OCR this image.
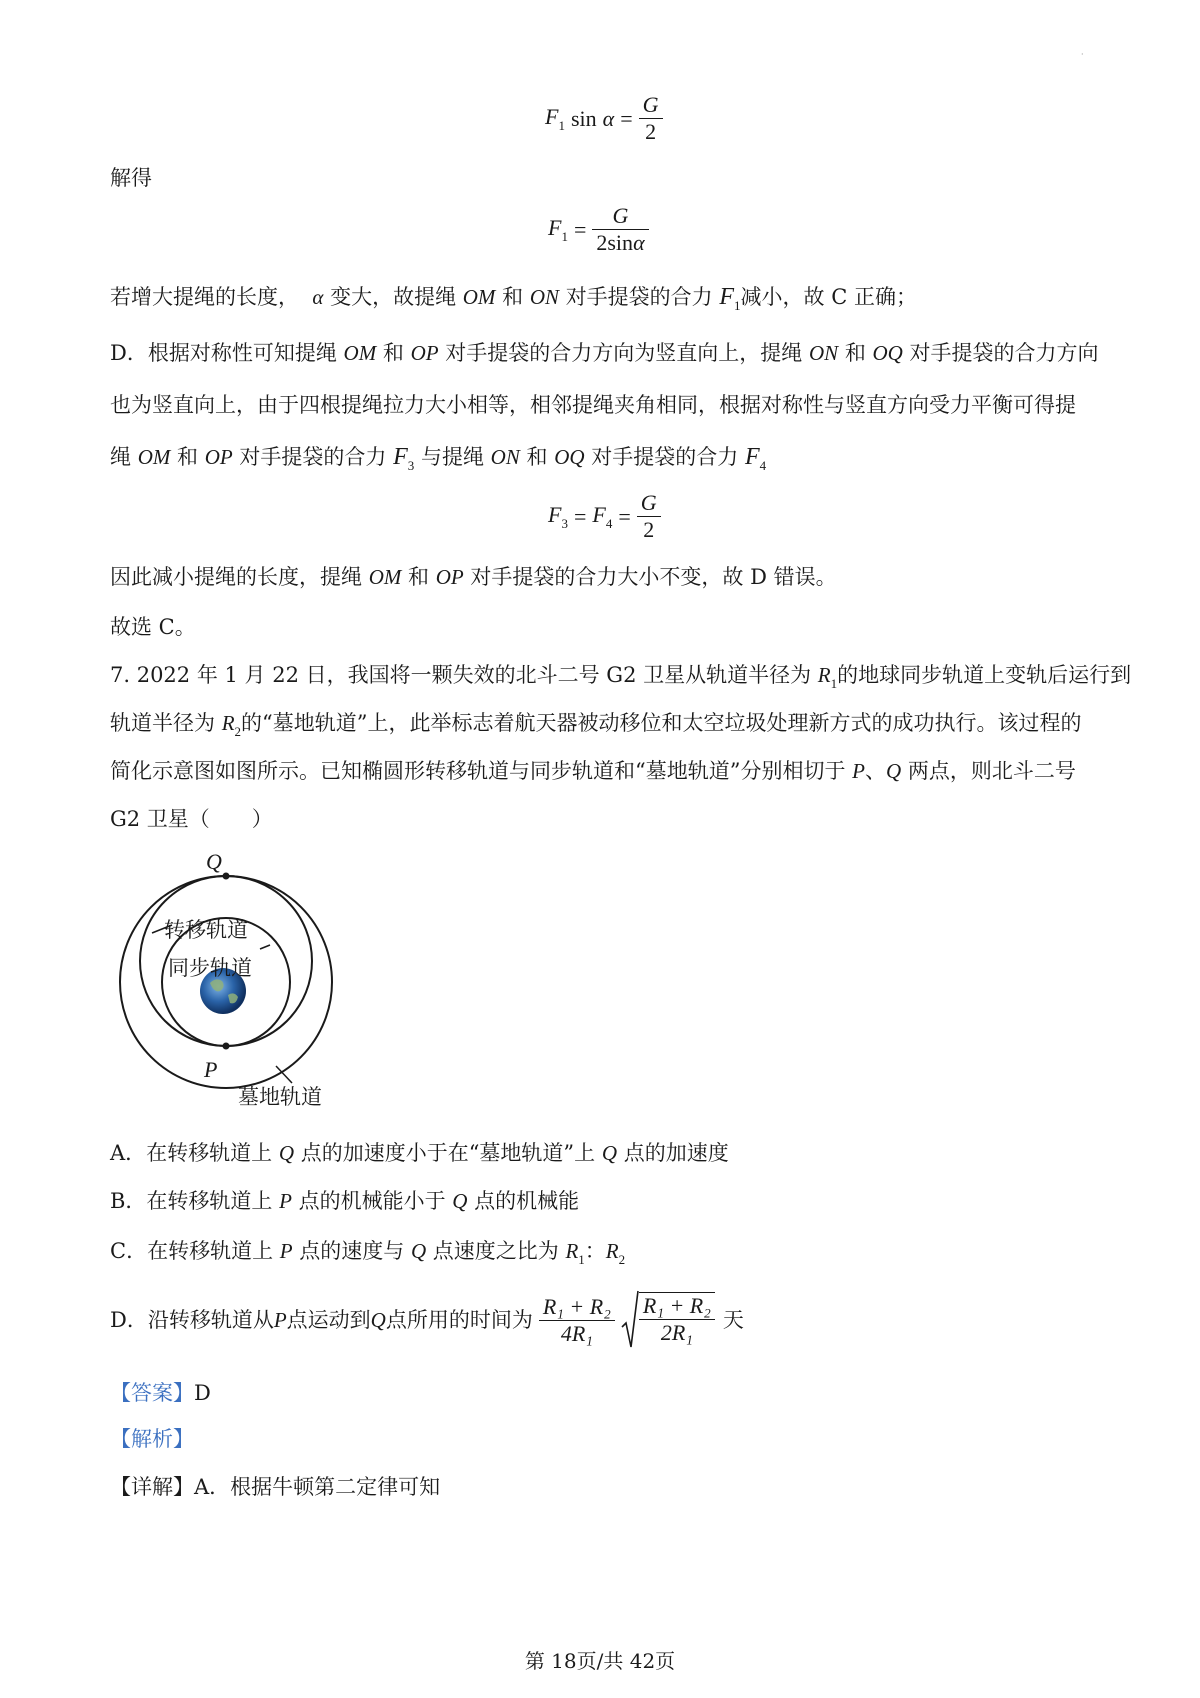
·
$F_1$ $\sin \alpha = \frac{G}{2}$
解得
$F_1 = \frac{G}{2\sin\alpha}$
若增大提绳的长度， α 变大，故提绳 OM 和 ON 对手提袋的合力 $F_1$减小，故 C 正确；
D．根据对称性可知提绳 OM 和 OP 对手提袋的合力方向为竖直向上，提绳 ON 和 OQ 对手提袋的合力方向
也为竖直向上，由于四根提绳拉力大小相等，相邻提绳夹角相同，根据对称性与竖直方向受力平衡可得提
绳 OM 和 OP 对手提袋的合力 $F_3$ 与提绳 ON 和 OQ 对手提袋的合力 $F_4$
$F_3 = F_4 = \frac{G}{2}$
因此减小提绳的长度，提绳 OM 和 OP 对手提袋的合力大小不变，故 D 错误。
故选 C。
7. 2022 年 1 月 22 日，我国将一颗失效的北斗二号 G2 卫星从轨道半径为 $R_1$的地球同步轨道上变轨后运行到
轨道半径为 $R_2$的“墓地轨道”上，此举标志着航天器被动移位和太空垃圾处理新方式的成功执行。该过程的
简化示意图如图所示。已知椭圆形转移轨道与同步轨道和“墓地轨道”分别相切于 P、Q 两点，则北斗二号
G2 卫星（　　）
Q
P
转移轨道
同步轨道
墓地轨道
A．在转移轨道上 Q 点的加速度小于在“墓地轨道”上 Q 点的加速度
B．在转移轨道上 P 点的机械能小于 Q 点的机械能
C．在转移轨道上 P 点的速度与 Q 点速度之比为 $R_1$：$R_2$
D．沿转移轨道从 P 点运动到 Q 点所用的时间为 $\frac{\text{R₁ + R₂}}{\text{4R₁}} \frac{\text{R₁ + R₂}}{\text{2R₁}}$ 天
【答案】D
【解析】
【详解】A．根据牛顿第二定律可知
第 18页/共 42页
